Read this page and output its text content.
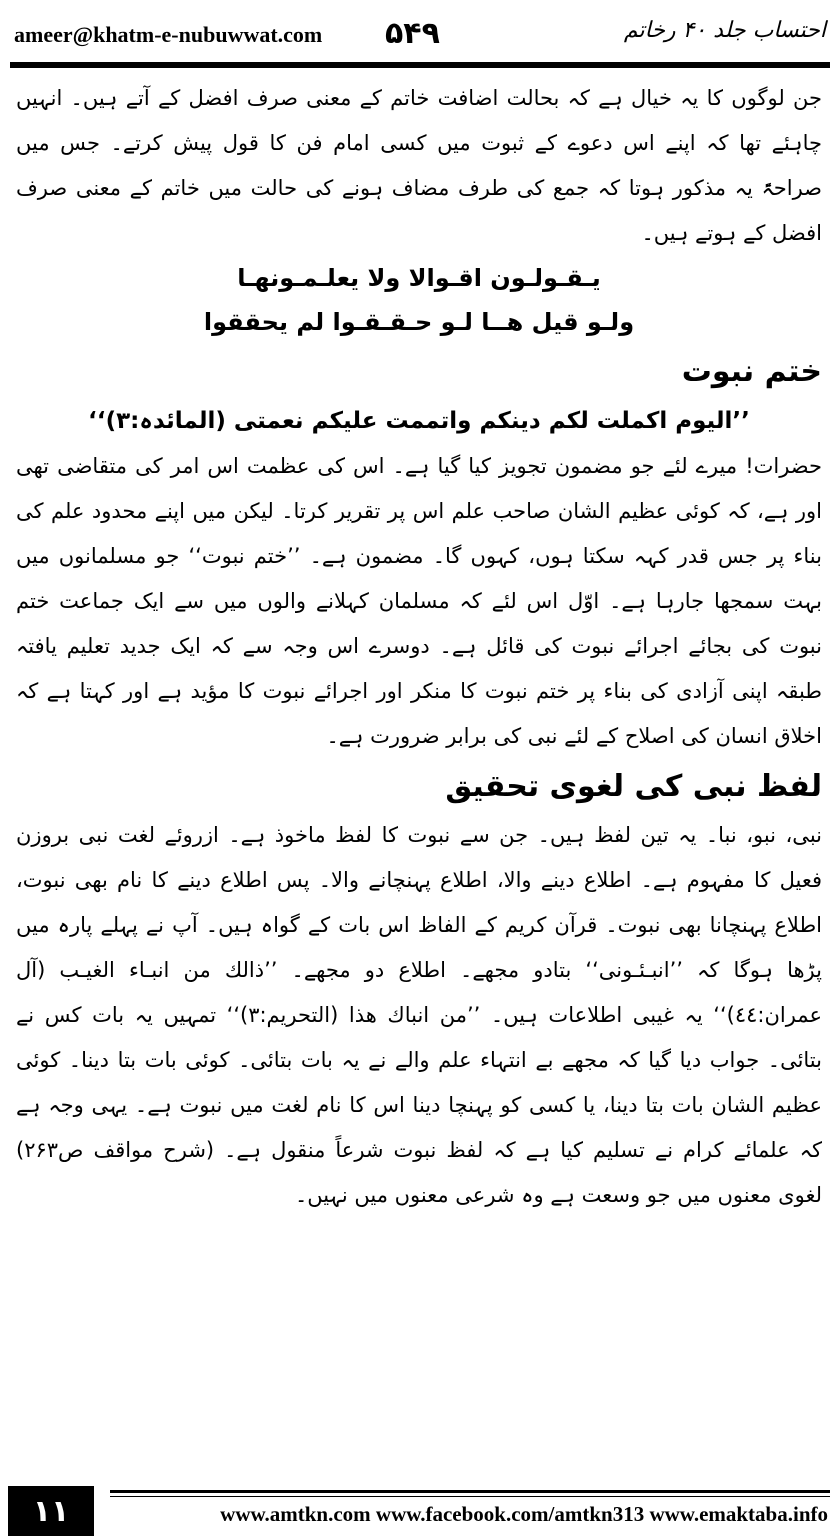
ameer@khatm-e-nubuwwat.com ۵۴۹	احتساب جلد ۴۰ رخاتم

جن لوگوں کا یہ خیال ہے کہ بحالت اضافت خاتم کے معنی صرف افضل کے آتے ہیں۔ انہیں چاہئے تھا کہ اپنے اس دعوے کے ثبوت میں کسی امام فن کا قول پیش کرتے۔ جس میں صراحۃً یہ مذکور ہوتا کہ جمع کی طرف مضاف ہونے کی حالت میں خاتم کے معنی صرف افضل کے ہوتے ہیں۔

یـقـولـون اقـوالا ولا یعلـمـونهـا

ولـو قیل هــا لـو حـقـقـوا لم یحققوا

ختم نبوت

’’الیوم اکملت لکم دینکم واتممت علیکم نعمتی (المائدہ:۳)‘‘

حضرات! میرے لئے جو مضمون تجویز کیا گیا ہے۔ اس کی عظمت اس امر کی متقاضی تھی اور ہے، کہ کوئی عظیم الشان صاحب علم اس پر تقریر کرتا۔ لیکن میں اپنے محدود علم کی بناء پر جس قدر کہہ سکتا ہوں، کہوں گا۔ مضمون ہے۔ ’’ختم نبوت‘‘ جو مسلمانوں میں بہت سمجھا جارہا ہے۔ اوّل اس لئے کہ مسلمان کہلانے والوں میں سے ایک جماعت ختم نبوت کی بجائے اجرائے نبوت کی قائل ہے۔ دوسرے اس وجہ سے کہ ایک جدید تعلیم یافتہ طبقہ اپنی آزادی کی بناء پر ختم نبوت کا منکر اور اجرائے نبوت کا مؤید ہے اور کہتا ہے کہ اخلاق انسان کی اصلاح کے لئے نبی کی برابر ضرورت ہے۔

لفظ نبی کی لغوی تحقیق

نبی، نبو، نبا۔ یہ تین لفظ ہیں۔ جن سے نبوت کا لفظ ماخوذ ہے۔ ازروئے لغت نبی بروزن فعیل کا مفہوم ہے۔ اطلاع دینے والا، اطلاع پہنچانے والا۔ پس اطلاع دینے کا نام بھی نبوت، اطلاع پہنچانا بھی نبوت۔ قرآن کریم کے الفاظ اس بات کے گواہ ہیں۔ آپ نے پہلے پارہ میں پڑھا ہوگا کہ ’’انبـئـونی‘‘ بتادو مجھے۔ اطلاع دو مجھے۔ ’’ذالك من انبـاء الغیـب (آل عمران:٤٤)‘‘ یہ غیبی اطلاعات ہیں۔ ’’من انباك هذا (التحریم:۳)‘‘ تمہیں یہ بات کس نے بتائی۔ جواب دیا گیا کہ مجھے بے انتہاء علم والے نے یہ بات بتائی۔ کوئی بات بتا دینا۔ کوئی عظیم الشان بات بتا دینا، یا کسی کو پہنچا دینا اس کا نام لغت میں نبوت ہے۔ یہی وجہ ہے کہ علمائے کرام نے تسلیم کیا ہے کہ لفظ نبوت شرعاً منقول ہے۔ (شرح مواقف ص۲۶۳) لغوی معنوں میں جو وسعت ہے وہ شرعی معنوں میں نہیں۔

۱۱	www.amtkn.com www.facebook.com/amtkn313 www.emaktaba.info
